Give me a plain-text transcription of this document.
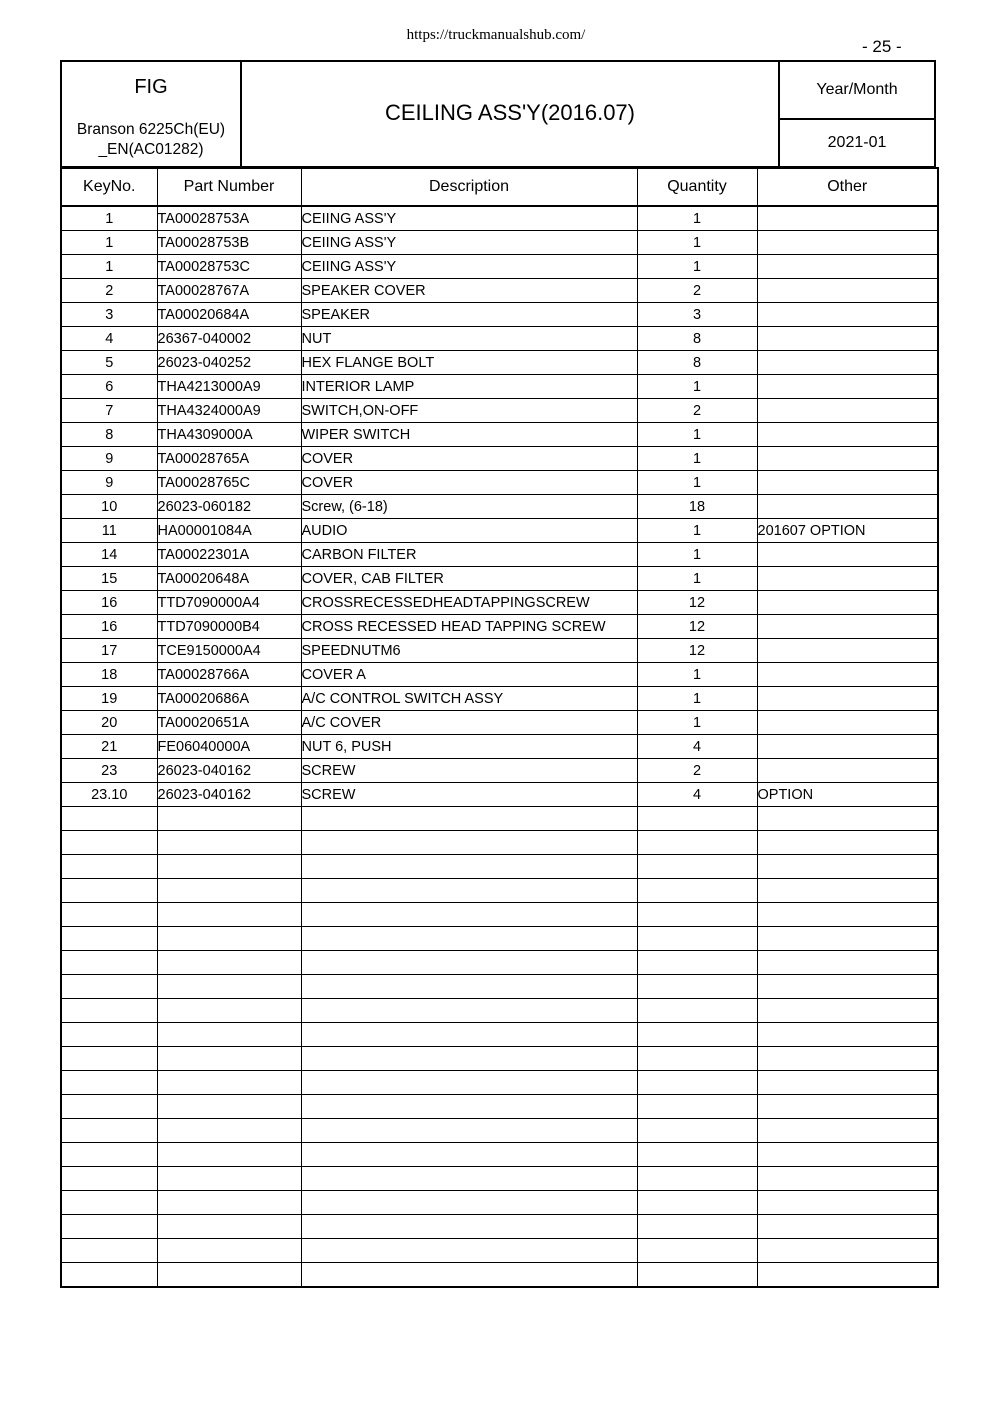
https://truckmanualshub.com/
- 25 -
FIG
Branson 6225Ch(EU)
_EN(AC01282)
CEILING ASS'Y(2016.07)
Year/Month
2021-01
KeyNo.	Part Number	Description	Quantity	Other
1	TA00028753A	CEIING ASS'Y	1	
1	TA00028753B	CEIING ASS'Y	1	
1	TA00028753C	CEIING ASS'Y	1	
2	TA00028767A	SPEAKER COVER	2	
3	TA00020684A	SPEAKER	3	
4	26367-040002	NUT	8	
5	26023-040252	HEX FLANGE BOLT	8	
6	THA4213000A9	INTERIOR LAMP	1	
7	THA4324000A9	SWITCH,ON-OFF	2	
8	THA4309000A	WIPER SWITCH	1	
9	TA00028765A	COVER	1	
9	TA00028765C	COVER	1	
10	26023-060182	Screw, (6-18)	18	
11	HA00001084A	AUDIO	1	201607 OPTION
14	TA00022301A	CARBON FILTER	1	
15	TA00020648A	COVER, CAB FILTER	1	
16	TTD7090000A4	CROSSRECESSEDHEADTAPPINGSCREW	12	
16	TTD7090000B4	CROSS RECESSED HEAD TAPPING SCREW	12	
17	TCE9150000A4	SPEEDNUTM6	12	
18	TA00028766A	COVER A	1	
19	TA00020686A	A/C CONTROL SWITCH ASSY	1	
20	TA00020651A	A/C COVER	1	
21	FE06040000A	NUT 6, PUSH	4	
23	26023-040162	SCREW	2	
23.10	26023-040162	SCREW	4	OPTION
